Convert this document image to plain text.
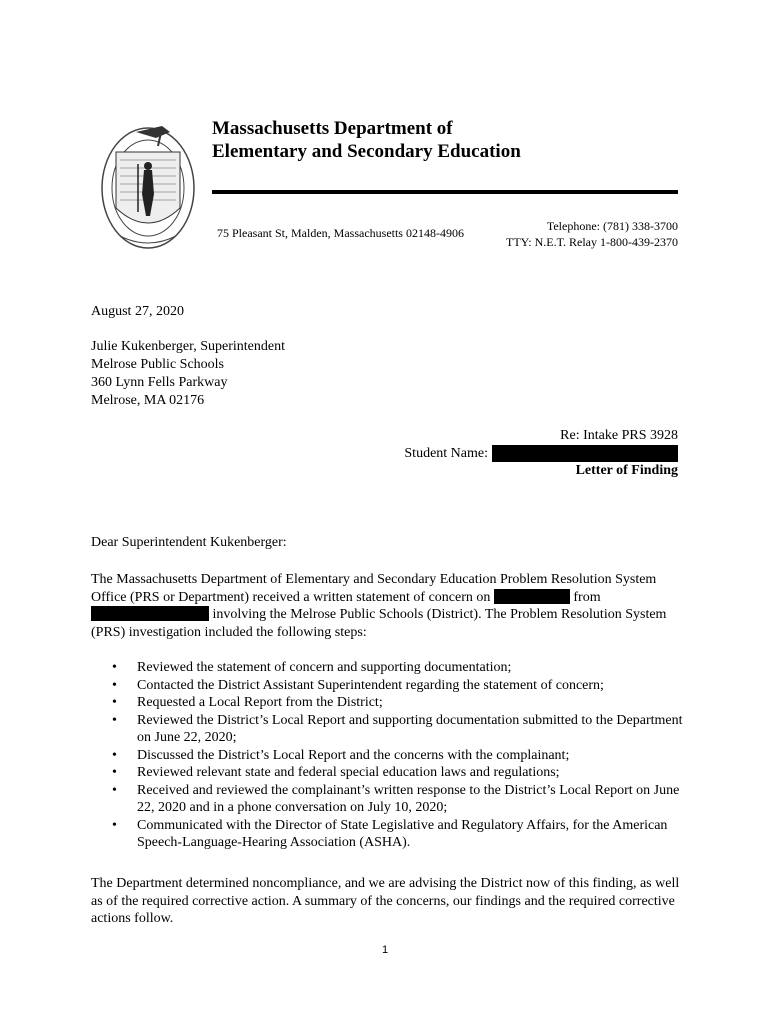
Massachusetts Department of
Elementary and Secondary Education
75 Pleasant St, Malden, Massachusetts 02148-4906	Telephone: (781) 338-3700
TTY: N.E.T. Relay 1-800-439-2370
August 27, 2020
Julie Kukenberger, Superintendent
Melrose Public Schools
360 Lynn Fells Parkway
Melrose, MA 02176
Re: Intake PRS 3928
Student Name:
Letter of Finding
Dear Superintendent Kukenberger:
The Massachusetts Department of Elementary and Secondary Education Problem Resolution System Office (PRS or Department) received a written statement of concern on	from  involving the Melrose Public Schools (District). The Problem Resolution System (PRS) investigation included the following steps:
• Reviewed the statement of concern and supporting documentation;
• Contacted the District Assistant Superintendent regarding the statement of concern;
• Requested a Local Report from the District;
• Reviewed the District’s Local Report and supporting documentation submitted to the Department on June 22, 2020;
• Discussed the District’s Local Report and the concerns with the complainant;
• Reviewed relevant state and federal special education laws and regulations;
• Received and reviewed the complainant’s written response to the District’s Local Report on June 22, 2020 and in a phone conversation on July 10, 2020;
• Communicated with the Director of State Legislative and Regulatory Affairs, for the American Speech-Language-Hearing Association (ASHA).
The Department determined noncompliance, and we are advising the District now of this finding, as well as of the required corrective action. A summary of the concerns, our findings and the required corrective actions follow.
1
